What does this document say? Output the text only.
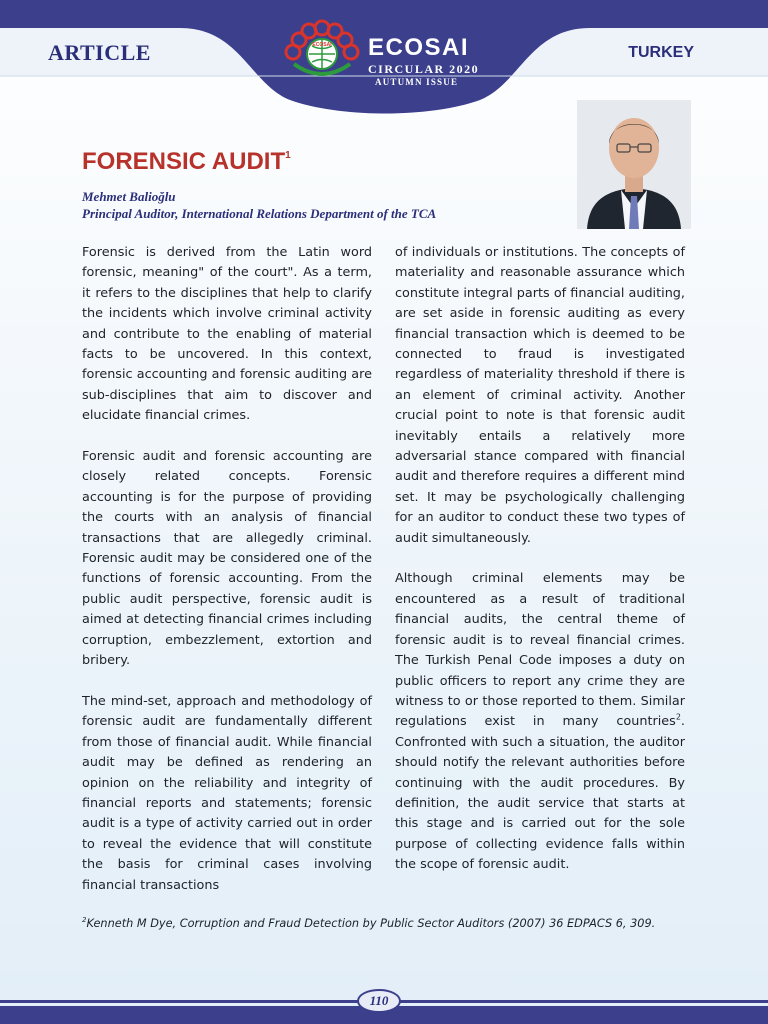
ARTICLE	TURKEY
ECOSAI ECOSAI
CIRCULAR 2020
AUTUMN ISSUE
FORENSIC AUDIT$^1$
Mehmet Balioğlu
Principal Auditor, International Relations Department of the TCA

Forensic is derived from the Latin word forensic, meaning" of the court". As a term, it refers to the disciplines that help to clarify the incidents which involve criminal activity and contribute to the enabling of material facts to be uncovered. In this context, forensic accounting and forensic auditing are sub-disciplines that aim to discover and elucidate financial crimes.

Forensic audit and forensic accounting are closely related concepts. Forensic accounting is for the purpose of providing the courts with an analysis of financial transactions that are allegedly criminal. Forensic audit may be considered one of the functions of forensic accounting. From the public audit perspective, forensic audit is aimed at detecting financial crimes including corruption, embezzlement, extortion and bribery.

The mind-set, approach and methodology of forensic audit are fundamentally different from those of financial audit. While financial audit may be defined as rendering an opinion on the reliability and integrity of financial reports and statements; forensic audit is a type of activity carried out in order to reveal the evidence that will constitute the basis for criminal cases involving financial transactions

of individuals or institutions. The concepts of materiality and reasonable assurance which constitute integral parts of financial auditing, are set aside in forensic auditing as every financial transaction which is deemed to be connected to fraud is investigated regardless of materiality threshold if there is an element of criminal activity. Another crucial point to note is that forensic audit inevitably entails a relatively more adversarial stance compared with financial audit and therefore requires a different mind set. It may be psychologically challenging for an auditor to conduct these two types of audit simultaneously.

Although criminal elements may be encountered as a result of traditional financial audits, the central theme of forensic audit is to reveal financial crimes. The Turkish Penal Code imposes a duty on public officers to report any crime they are witness to or those reported to them. Similar regulations exist in many countries$^2$. Confronted with such a situation, the auditor should notify the relevant authorities before continuing with the audit procedures. By definition, the audit service that starts at this stage and is carried out for the sole purpose of collecting evidence falls within the scope of forensic audit.

$^2$Kenneth M Dye, Corruption and Fraud Detection by Public Sector Auditors (2007) 36 EDPACS 6, 309.
110
